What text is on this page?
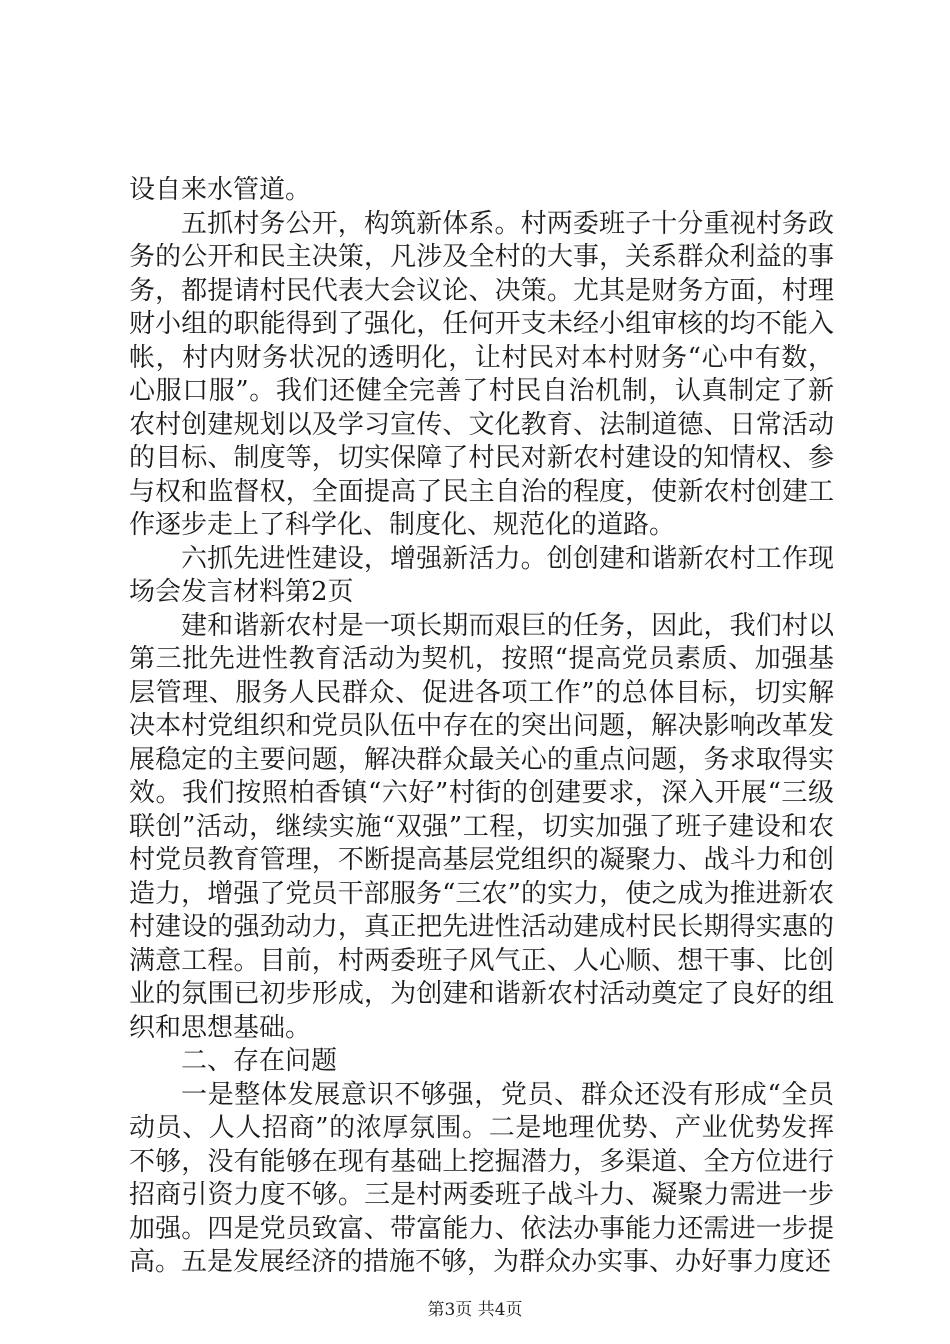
设自来水管道。

五抓村务公开，构筑新体系。村两委班子十分重视村务政务的公开和民主决策，凡涉及全村的大事，关系群众利益的事务，都提请村民代表大会议论、决策。尤其是财务方面，村理财小组的职能得到了强化，任何开支未经小组审核的均不能入帐，村内财务状况的透明化，让村民对本村财务“心中有数，心服口服”。我们还健全完善了村民自治机制，认真制定了新农村创建规划以及学习宣传、文化教育、法制道德、日常活动的目标、制度等，切实保障了村民对新农村建设的知情权、参与权和监督权，全面提高了民主自治的程度，使新农村创建工作逐步走上了科学化、制度化、规范化的道路。

六抓先进性建设，增强新活力。创创建和谐新农村工作现场会发言材料第2页

建和谐新农村是一项长期而艰巨的任务，因此，我们村以第三批先进性教育活动为契机，按照“提高党员素质、加强基层管理、服务人民群众、促进各项工作”的总体目标，切实解决本村党组织和党员队伍中存在的突出问题，解决影响改革发展稳定的主要问题，解决群众最关心的重点问题，务求取得实效。我们按照柏香镇“六好”村街的创建要求，深入开展“三级联创”活动，继续实施“双强”工程，切实加强了班子建设和农村党员教育管理，不断提高基层党组织的凝聚力、战斗力和创造力，增强了党员干部服务“三农”的实力，使之成为推进新农村建设的强劲动力，真正把先进性活动建成村民长期得实惠的满意工程。目前，村两委班子风气正、人心顺、想干事、比创业的氛围已初步形成，为创建和谐新农村活动奠定了良好的组织和思想基础。

二、存在问题

一是整体发展意识不够强，党员、群众还没有形成“全员动员、人人招商”的浓厚氛围。二是地理优势、产业优势发挥不够，没有能够在现有基础上挖掘潜力，多渠道、全方位进行招商引资力度不够。三是村两委班子战斗力、凝聚力需进一步加强。四是党员致富、带富能力、依法办事能力还需进一步提高。五是发展经济的措施不够，为群众办实事、办好事力度还

第3页 共4页
